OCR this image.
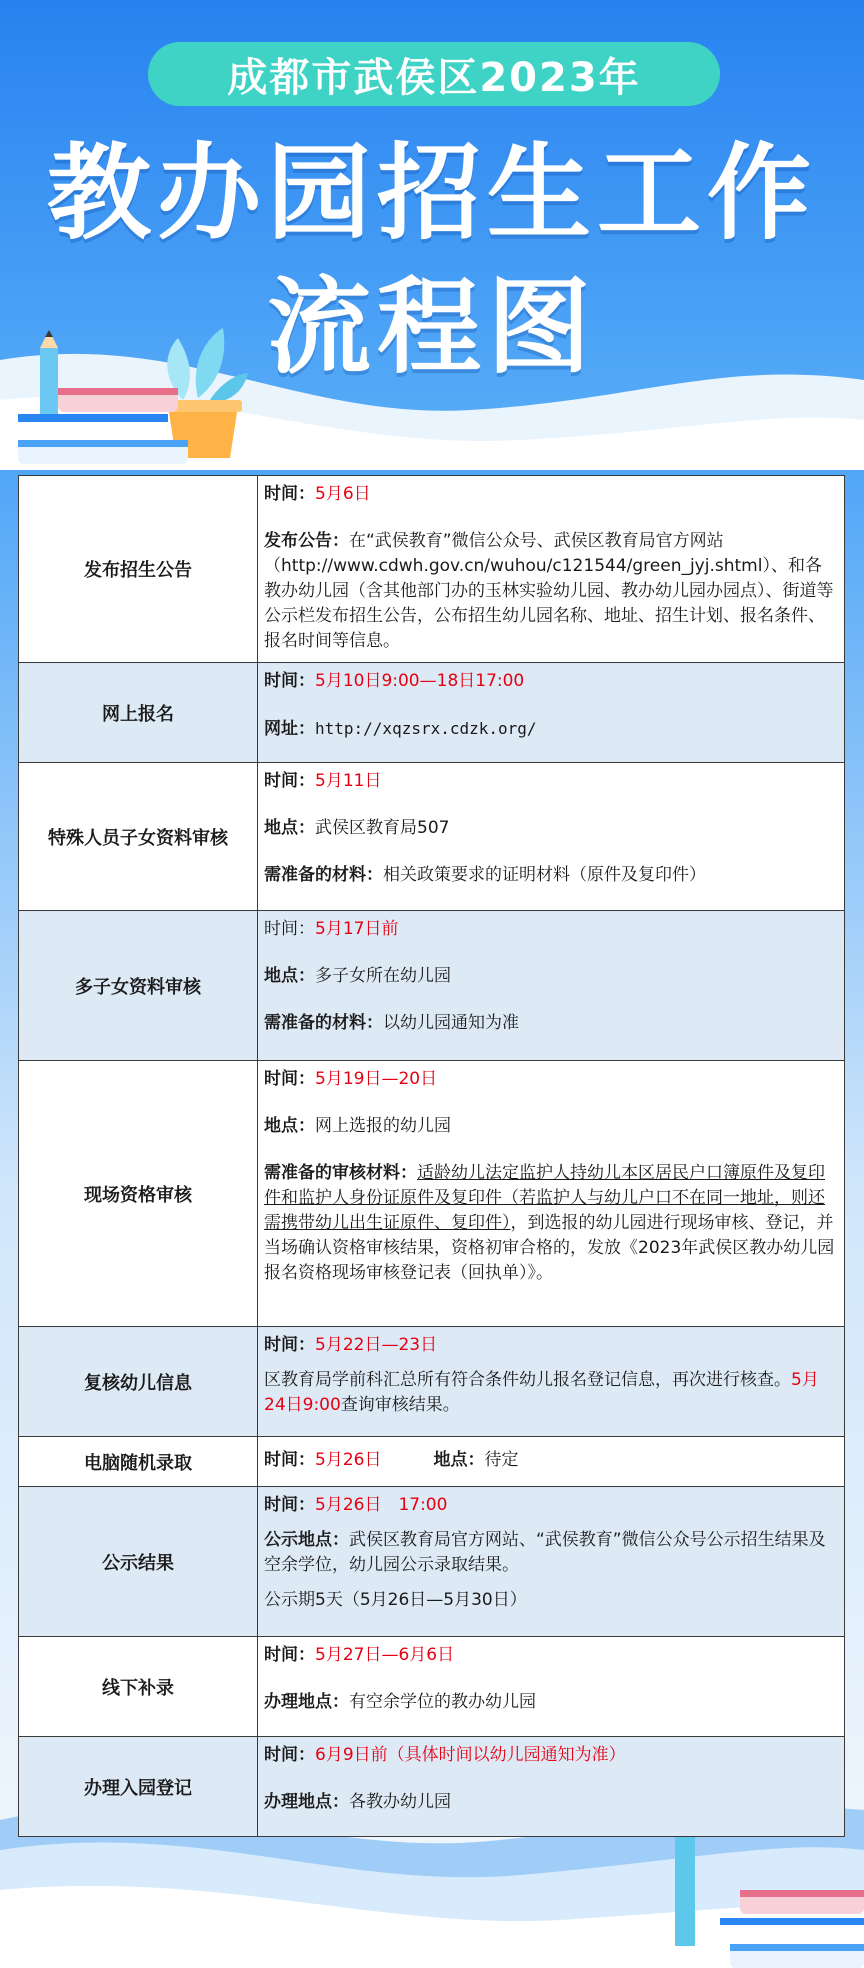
成都市武侯区2023年
教办园招生工作
流程图
发布招生公告	时间：5月6日

发布公告：在“武侯教育”微信公众号、武侯区教育局官方网站（http://www.cdwh.gov.cn/wuhou/c121544/green_jyj.shtml）、和各教办幼儿园（含其他部门办的玉林实验幼儿园、教办幼儿园办园点）、街道等公示栏发布招生公告，公布招生幼儿园名称、地址、招生计划、报名条件、报名时间等信息。

网上报名	时间：5月10日9:00—18日17:00

网址：http://xqzsrx.cdzk.org/

特殊人员子女资料审核	时间：5月11日

地点：武侯区教育局507

需准备的材料：相关政策要求的证明材料（原件及复印件）

多子女资料审核	时间：5月17日前

地点：多子女所在幼儿园

需准备的材料：以幼儿园通知为准

现场资格审核	时间：5月19日—20日

地点：网上选报的幼儿园

需准备的审核材料：适龄幼儿法定监护人持幼儿本区居民户口簿原件及复印件和监护人身份证原件及复印件（若监护人与幼儿户口不在同一地址，则还需携带幼儿出生证原件、复印件），到选报的幼儿园进行现场审核、登记，并当场确认资格审核结果，资格初审合格的，发放《2023年武侯区教办幼儿园报名资格现场审核登记表（回执单）》。

复核幼儿信息	时间：5月22日—23日

区教育局学前科汇总所有符合条件幼儿报名登记信息，再次进行核查。5月24日9:00查询审核结果。

电脑随机录取	时间：5月26日 地点：待定

公示结果	时间：5月26日　17:00

公示地点：武侯区教育局官方网站、“武侯教育”微信公众号公示招生结果及空余学位，幼儿园公示录取结果。

公示期5天（5月26日—5月30日）

线下补录	时间：5月27日—6月6日

办理地点：有空余学位的教办幼儿园

办理入园登记	时间：6月9日前（具体时间以幼儿园通知为准）

办理地点：各教办幼儿园
